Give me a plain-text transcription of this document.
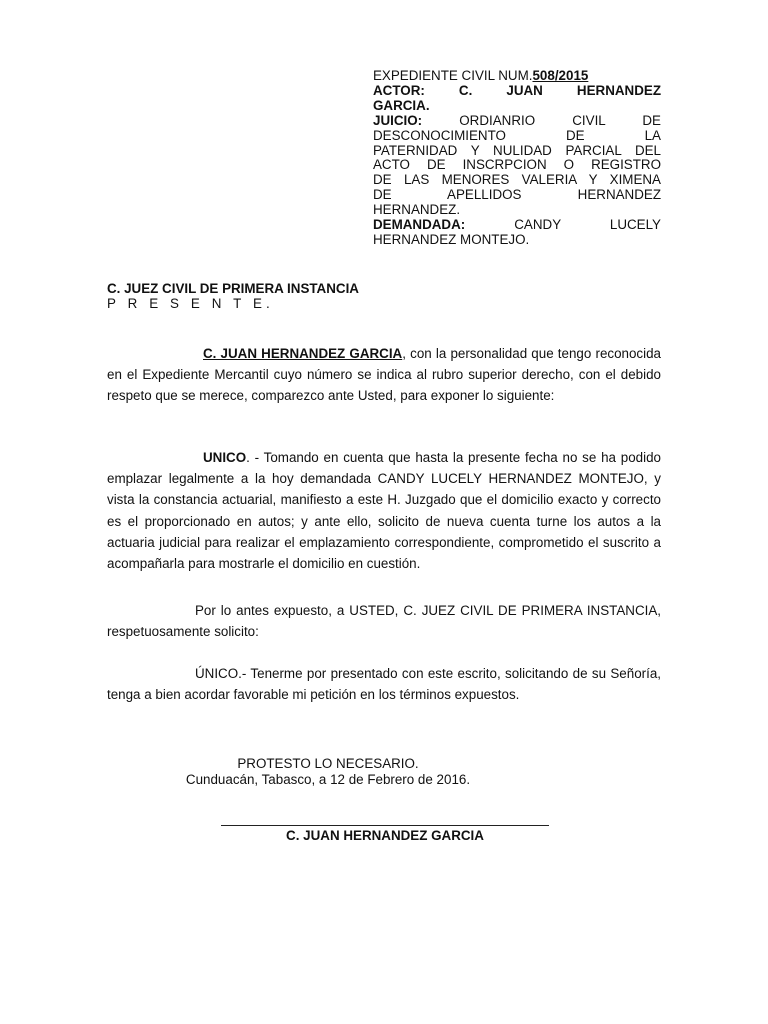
EXPEDIENTE CIVIL NUM.508/2015
ACTOR:	C. JUAN HERNANDEZ
GARCIA.
JUICIO:	ORDIANRIO CIVIL DE
DESCONOCIMIENTO DE LA
PATERNIDAD Y NULIDAD PARCIAL DEL
ACTO DE INSCRPCION O REGISTRO
DE LAS MENORES VALERIA Y XIMENA
DE APELLIDOS HERNANDEZ
HERNANDEZ.
DEMANDADA:	CANDY LUCELY
HERNANDEZ MONTEJO.
C. JUEZ CIVIL DE PRIMERA INSTANCIA
P R E S E N T E.
C. JUAN HERNANDEZ GARCIA, con la personalidad que tengo reconocida en el Expediente Mercantil cuyo número se indica al rubro superior derecho, con el debido respeto que se merece, comparezco ante Usted, para exponer lo siguiente:
UNICO. - Tomando en cuenta que hasta la presente fecha no se ha podido emplazar legalmente a la hoy demandada CANDY LUCELY HERNANDEZ MONTEJO, y vista la constancia actuarial, manifiesto a este H. Juzgado que el domicilio exacto y correcto es el proporcionado en autos; y ante ello, solicito de nueva cuenta turne los autos a la actuaria judicial para realizar el emplazamiento correspondiente, comprometido el suscrito a acompañarla para mostrarle el domicilio en cuestión.
Por lo antes expuesto, a USTED, C. JUEZ CIVIL DE PRIMERA INSTANCIA, respetuosamente solicito:
ÚNICO.- Tenerme por presentado con este escrito, solicitando de su Señoría, tenga a bien acordar favorable mi petición en los términos expuestos.
PROTESTO LO NECESARIO.
Cunduacán, Tabasco, a 12 de Febrero de 2016.
C. JUAN HERNANDEZ GARCIA
